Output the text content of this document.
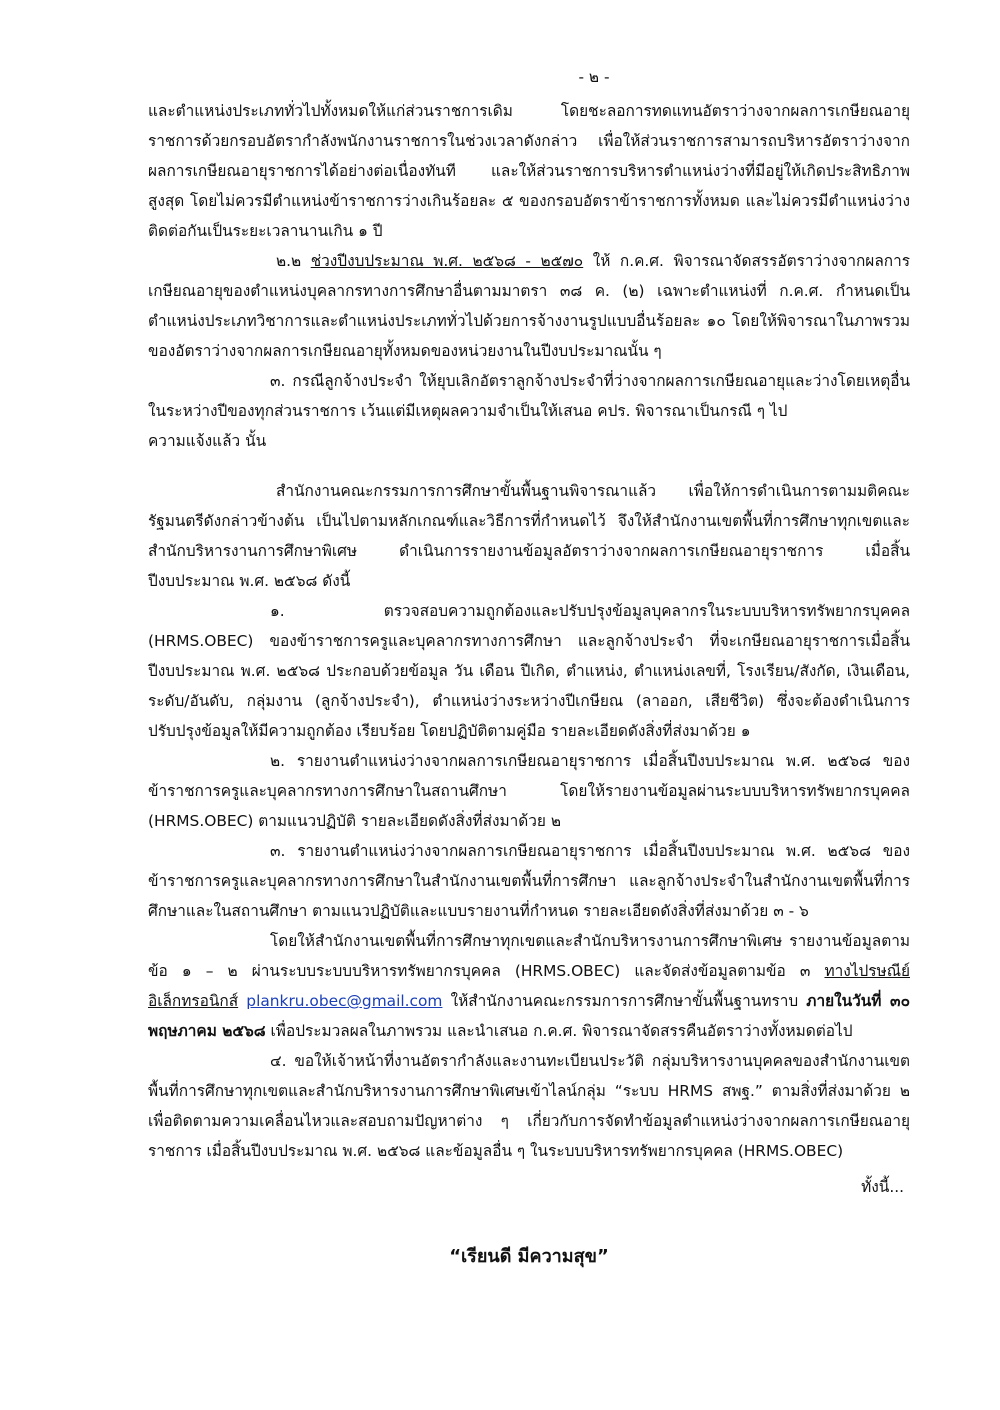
- ๒ -

และตำแหน่งประเภททั่วไปทั้งหมดให้แก่ส่วนราชการเดิม โดยชะลอการทดแทนอัตราว่างจากผลการเกษียณอายุราชการด้วยกรอบอัตรากำลังพนักงานราชการในช่วงเวลาดังกล่าว เพื่อให้ส่วนราชการสามารถบริหารอัตราว่างจากผลการเกษียณอายุราชการได้อย่างต่อเนื่องทันที และให้ส่วนราชการบริหารตำแหน่งว่างที่มีอยู่ให้เกิดประสิทธิภาพสูงสุด โดยไม่ควรมีตำแหน่งข้าราชการว่างเกินร้อยละ ๕ ของกรอบอัตราข้าราชการทั้งหมด และไม่ควรมีตำแหน่งว่างติดต่อกันเป็นระยะเวลานานเกิน ๑ ปี

๒.๒ ช่วงปีงบประมาณ พ.ศ. ๒๕๖๘ - ๒๕๗๐ ให้ ก.ค.ศ. พิจารณาจัดสรรอัตราว่างจากผลการเกษียณอายุของตำแหน่งบุคลากรทางการศึกษาอื่นตามมาตรา ๓๘ ค. (๒) เฉพาะตำแหน่งที่ ก.ค.ศ. กำหนดเป็นตำแหน่งประเภทวิชาการและตำแหน่งประเภททั่วไปด้วยการจ้างงานรูปแบบอื่นร้อยละ ๑๐ โดยให้พิจารณาในภาพรวมของอัตราว่างจากผลการเกษียณอายุทั้งหมดของหน่วยงานในปีงบประมาณนั้น ๆ

๓. กรณีลูกจ้างประจำ ให้ยุบเลิกอัตราลูกจ้างประจำที่ว่างจากผลการเกษียณอายุและว่างโดยเหตุอื่นในระหว่างปีของทุกส่วนราชการ เว้นแต่มีเหตุผลความจำเป็นให้เสนอ คปร. พิจารณาเป็นกรณี ๆ ไป

ความแจ้งแล้ว นั้น

สำนักงานคณะกรรมการการศึกษาขั้นพื้นฐานพิจารณาแล้ว เพื่อให้การดำเนินการตามมติคณะรัฐมนตรีดังกล่าวข้างต้น เป็นไปตามหลักเกณฑ์และวิธีการที่กำหนดไว้ จึงให้สำนักงานเขตพื้นที่การศึกษาทุกเขตและสำนักบริหารงานการศึกษาพิเศษ ดำเนินการรายงานข้อมูลอัตราว่างจากผลการเกษียณอายุราชการ เมื่อสิ้นปีงบประมาณ พ.ศ. ๒๕๖๘ ดังนี้

๑. ตรวจสอบความถูกต้องและปรับปรุงข้อมูลบุคลากรในระบบบริหารทรัพยากรบุคคล (HRMS.OBEC) ของข้าราชการครูและบุคลากรทางการศึกษา และลูกจ้างประจำ ที่จะเกษียณอายุราชการเมื่อสิ้นปีงบประมาณ พ.ศ. ๒๕๖๘ ประกอบด้วยข้อมูล วัน เดือน ปีเกิด, ตำแหน่ง, ตำแหน่งเลขที่, โรงเรียน/สังกัด, เงินเดือน, ระดับ/อันดับ, กลุ่มงาน (ลูกจ้างประจำ), ตำแหน่งว่างระหว่างปีเกษียณ (ลาออก, เสียชีวิต) ซึ่งจะต้องดำเนินการปรับปรุงข้อมูลให้มีความถูกต้อง เรียบร้อย โดยปฏิบัติตามคู่มือ รายละเอียดดังสิ่งที่ส่งมาด้วย ๑

๒. รายงานตำแหน่งว่างจากผลการเกษียณอายุราชการ เมื่อสิ้นปีงบประมาณ พ.ศ. ๒๕๖๘ ของข้าราชการครูและบุคลากรทางการศึกษาในสถานศึกษา โดยให้รายงานข้อมูลผ่านระบบบริหารทรัพยากรบุคคล (HRMS.OBEC) ตามแนวปฏิบัติ รายละเอียดดังสิ่งที่ส่งมาด้วย ๒

๓. รายงานตำแหน่งว่างจากผลการเกษียณอายุราชการ เมื่อสิ้นปีงบประมาณ พ.ศ. ๒๕๖๘ ของข้าราชการครูและบุคลากรทางการศึกษาในสำนักงานเขตพื้นที่การศึกษา และลูกจ้างประจำในสำนักงานเขตพื้นที่การศึกษาและในสถานศึกษา ตามแนวปฏิบัติและแบบรายงานที่กำหนด รายละเอียดดังสิ่งที่ส่งมาด้วย ๓ - ๖

โดยให้สำนักงานเขตพื้นที่การศึกษาทุกเขตและสำนักบริหารงานการศึกษาพิเศษ รายงานข้อมูลตามข้อ ๑ – ๒ ผ่านระบบระบบบริหารทรัพยากรบุคคล (HRMS.OBEC) และจัดส่งข้อมูลตามข้อ ๓ ทางไปรษณีย์อิเล็กทรอนิกส์ plankru.obec@gmail.com ให้สำนักงานคณะกรรมการการศึกษาขั้นพื้นฐานทราบ ภายในวันที่ ๓๐ พฤษภาคม ๒๕๖๘ เพื่อประมวลผลในภาพรวม และนำเสนอ ก.ค.ศ. พิจารณาจัดสรรคืนอัตราว่างทั้งหมดต่อไป

๔. ขอให้เจ้าหน้าที่งานอัตรากำลังและงานทะเบียนประวัติ กลุ่มบริหารงานบุคคลของสำนักงานเขตพื้นที่การศึกษาทุกเขตและสำนักบริหารงานการศึกษาพิเศษเข้าไลน์กลุ่ม “ระบบ HRMS สพฐ.” ตามสิ่งที่ส่งมาด้วย ๒ เพื่อติดตามความเคลื่อนไหวและสอบถามปัญหาต่าง ๆ เกี่ยวกับการจัดทำข้อมูลตำแหน่งว่างจากผลการเกษียณอายุราชการ เมื่อสิ้นปีงบประมาณ พ.ศ. ๒๕๖๘ และข้อมูลอื่น ๆ ในระบบบริหารทรัพยากรบุคคล (HRMS.OBEC)

ทั้งนี้...
“เรียนดี มีความสุข”
